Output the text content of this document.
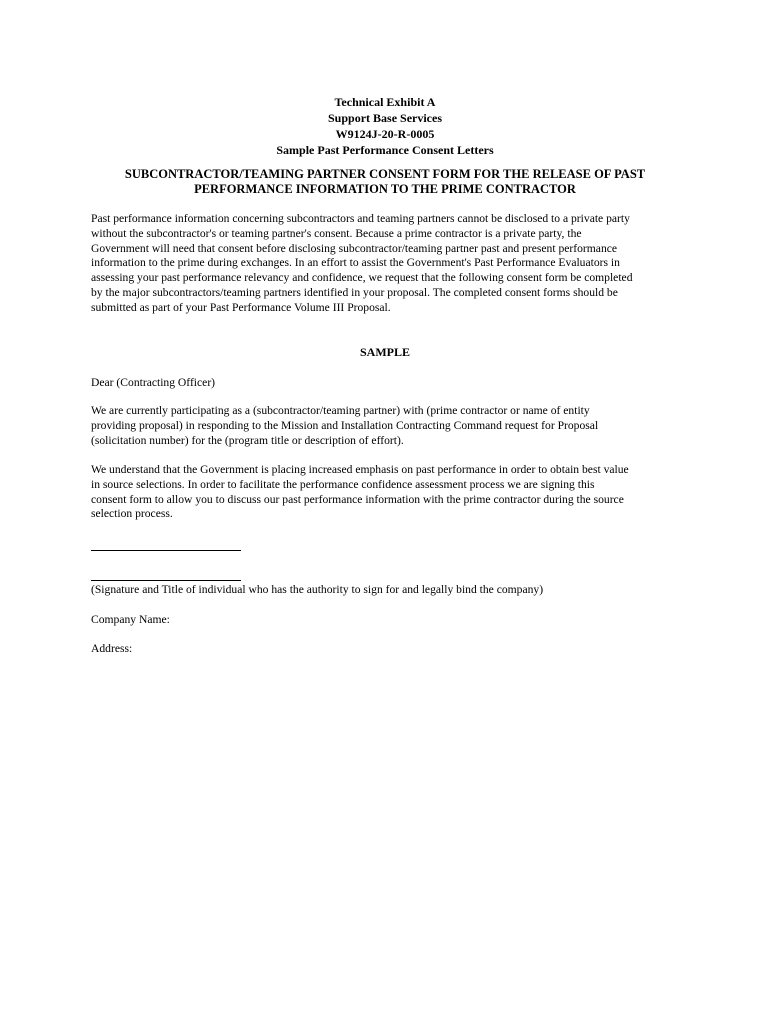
Technical Exhibit A
Support Base Services
W9124J-20-R-0005
Sample Past Performance Consent Letters
SUBCONTRACTOR/TEAMING PARTNER CONSENT FORM FOR THE RELEASE OF PAST
PERFORMANCE INFORMATION TO THE PRIME CONTRACTOR
Past performance information concerning subcontractors and teaming partners cannot be disclosed to a private party
without the subcontractor's or teaming partner's consent. Because a prime contractor is a private party, the
Government will need that consent before disclosing subcontractor/teaming partner past and present performance
information to the prime during exchanges. In an effort to assist the Government's Past Performance Evaluators in
assessing your past performance relevancy and confidence, we request that the following consent form be completed
by the major subcontractors/teaming partners identified in your proposal. The completed consent forms should be
submitted as part of your Past Performance Volume III Proposal.
SAMPLE
Dear (Contracting Officer)
We are currently participating as a (subcontractor/teaming partner) with (prime contractor or name of entity
providing proposal) in responding to the Mission and Installation Contracting Command request for Proposal
(solicitation number) for the (program title or description of effort).
We understand that the Government is placing increased emphasis on past performance in order to obtain best value
in source selections. In order to facilitate the performance confidence assessment process we are signing this
consent form to allow you to discuss our past performance information with the prime contractor during the source
selection process.
(Signature and Title of individual who has the authority to sign for and legally bind the company)
Company Name:
Address:
